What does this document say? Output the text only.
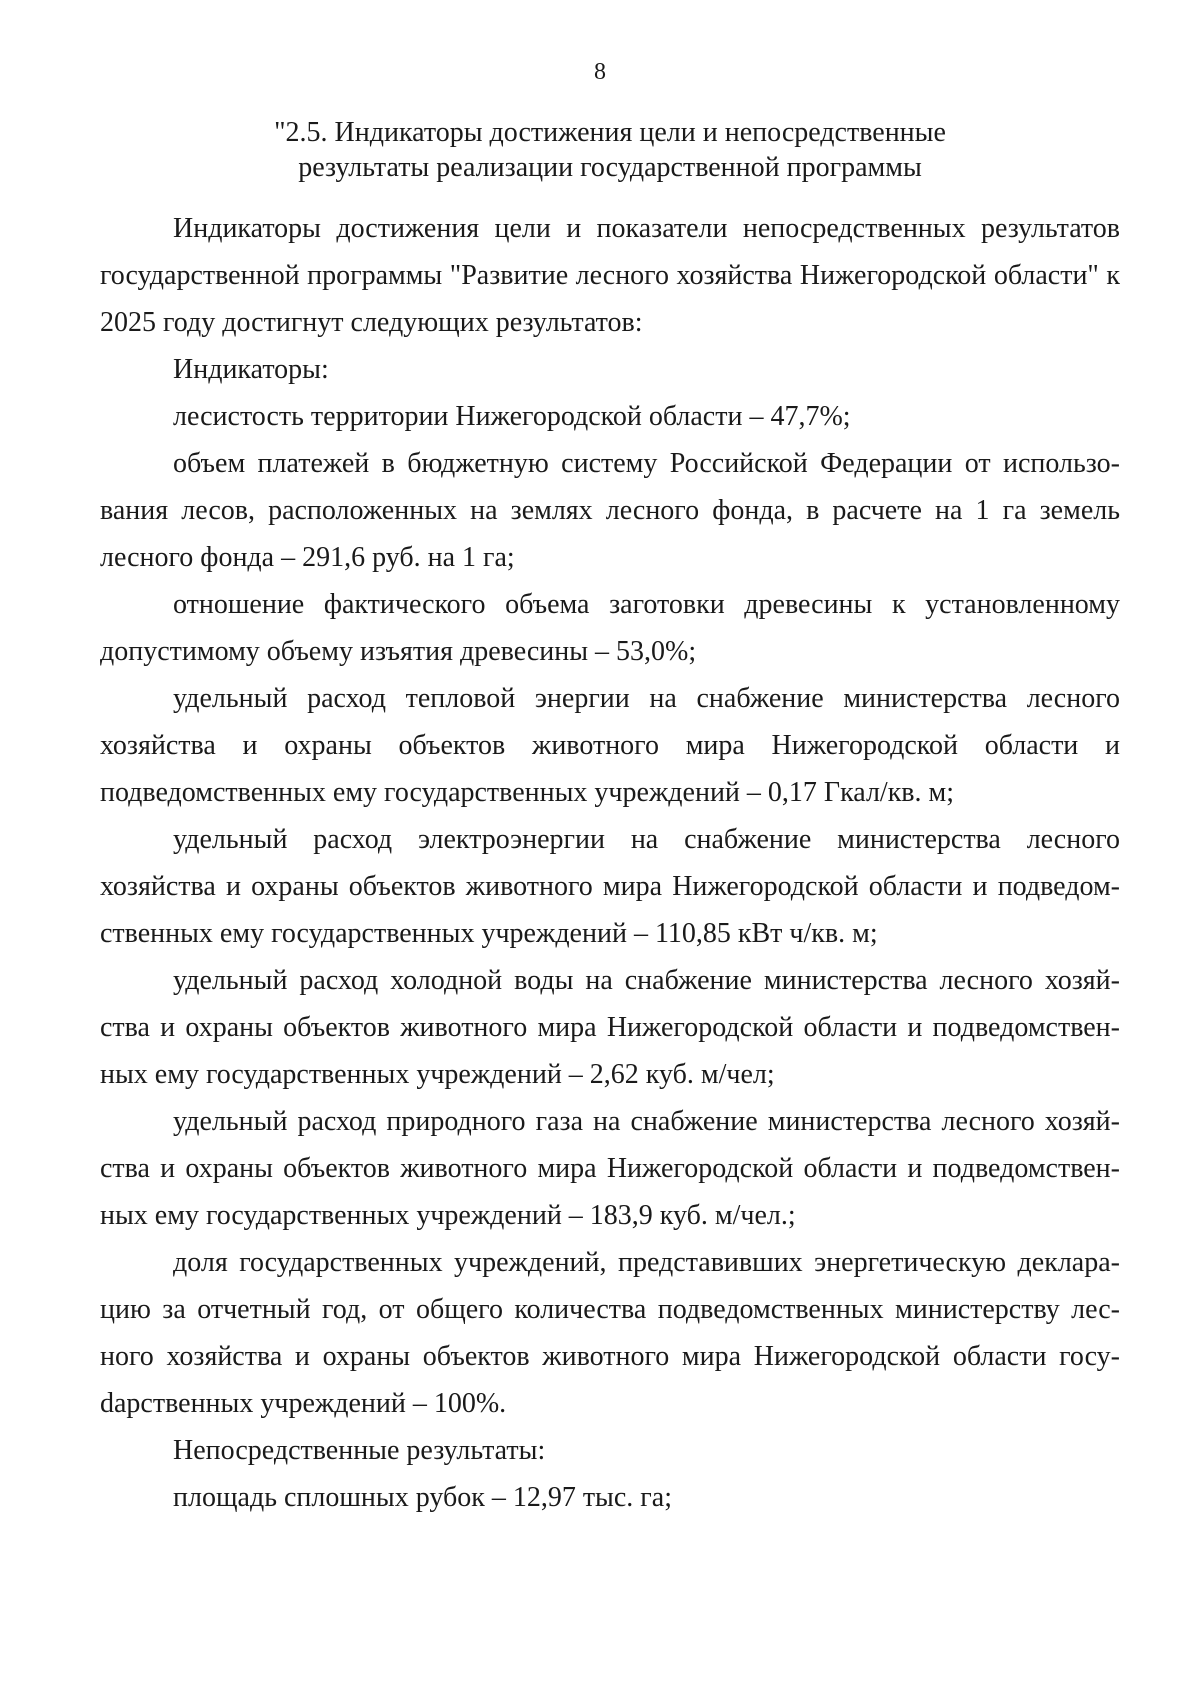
8
"2.5. Индикаторы достижения цели и непосредственные
результаты реализации государственной программы

Индикаторы достижения цели и показатели непосредственных результатов государственной программы "Развитие лесного хозяйства Нижегородской области" к 2025 году достигнут следующих результатов:

Индикаторы:

лесистость территории Нижегородской области – 47,7%;

объем платежей в бюджетную систему Российской Федерации от использования лесов, расположенных на землях лесного фонда, в расчете на 1 га земель лесного фонда – 291,6 руб. на 1 га;

отношение фактического объема заготовки древесины к установленному допустимому объему изъятия древесины – 53,0%;

удельный расход тепловой энергии на снабжение министерства лесного хозяйства и охраны объектов животного мира Нижегородской области и подведомственных ему государственных учреждений – 0,17 Гкал/кв. м;

удельный расход электроэнергии на снабжение министерства лесного хозяйства и охраны объектов животного мира Нижегородской области и подведомственных ему государственных учреждений – 110,85 кВт ч/кв. м;

удельный расход холодной воды на снабжение министерства лесного хозяйства и охраны объектов животного мира Нижегородской области и подведомственных ему государственных учреждений – 2,62 куб. м/чел;

удельный расход природного газа на снабжение министерства лесного хозяйства и охраны объектов животного мира Нижегородской области и подведомственных ему государственных учреждений – 183,9 куб. м/чел.;

доля государственных учреждений, представивших энергетическую декларацию за отчетный год, от общего количества подведомственных министерству лесного хозяйства и охраны объектов животного мира Нижегородской области госуdарственных учреждений – 100%.

Непосредственные результаты:

площадь сплошных рубок – 12,97 тыс. га;
